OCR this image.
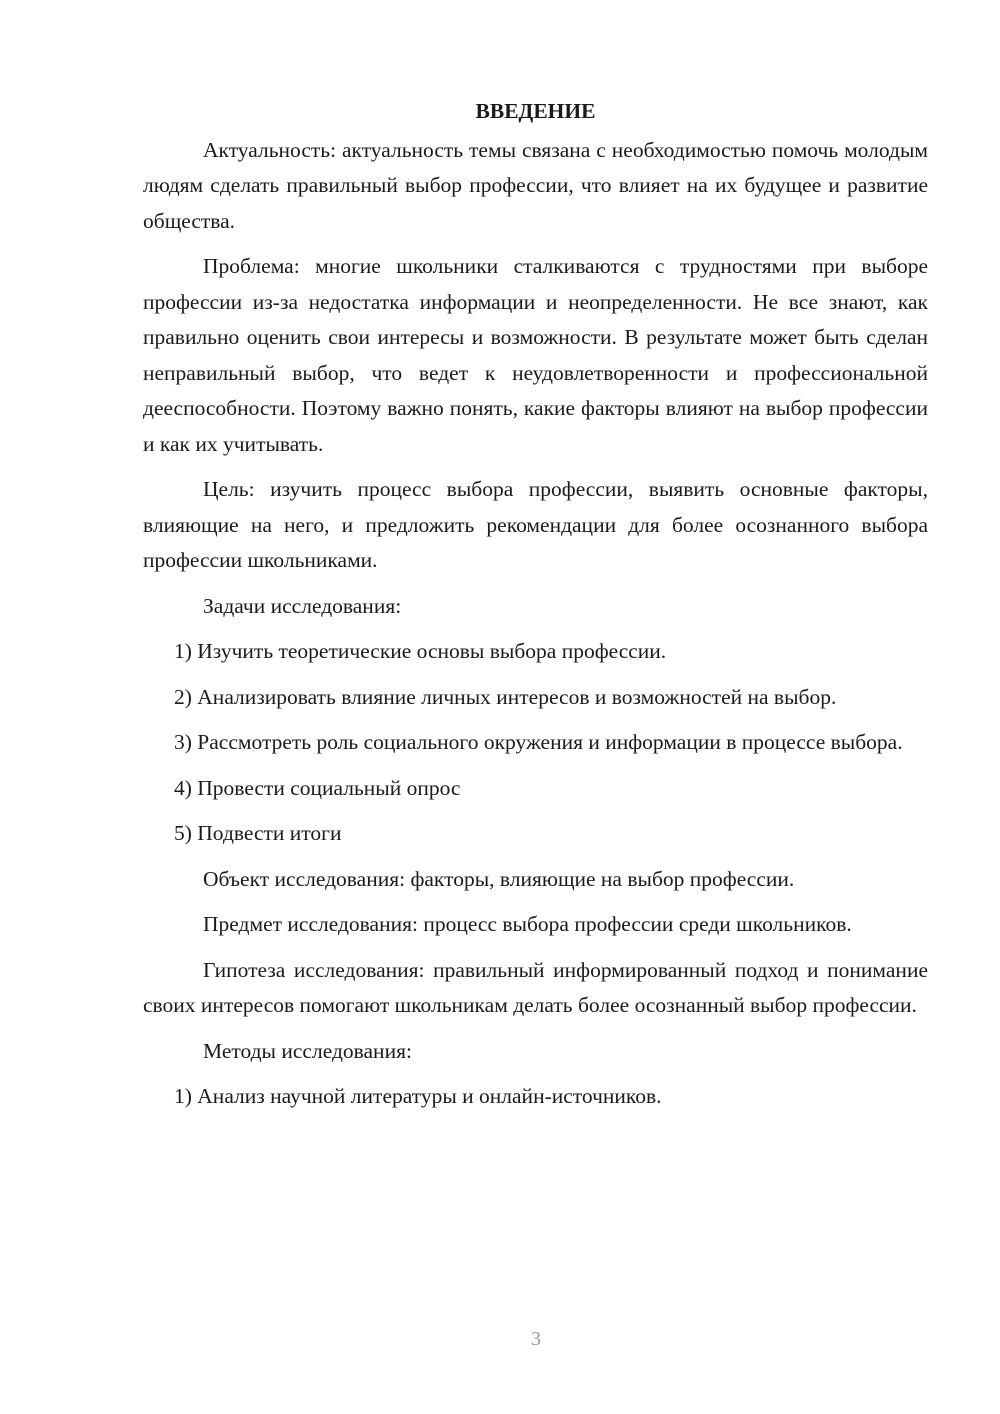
ВВЕДЕНИЕ

Актуальность: актуальность темы связана с необходимостью помочь молодым людям сделать правильный выбор профессии, что влияет на их будущее и развитие общества.

Проблема: многие школьники сталкиваются с трудностями при выборе профессии из-за недостатка информации и неопределенности. Не все знают, как правильно оценить свои интересы и возможности. В результате может быть сделан неправильный выбор, что ведет к неудовлетворенности и профессиональной дееспособности. Поэтому важно понять, какие факторы влияют на выбор профессии и как их учитывать.

Цель: изучить процесс выбора профессии, выявить основные факторы, влияющие на него, и предложить рекомендации для более осознанного выбора профессии школьниками.

Задачи исследования:

1) Изучить теоретические основы выбора профессии.

2) Анализировать влияние личных интересов и возможностей на выбор.

3) Рассмотреть роль социального окружения и информации в процессе выбора.

4) Провести социальный опрос

5) Подвести итоги

Объект исследования: факторы, влияющие на выбор профессии.

Предмет исследования: процесс выбора профессии среди школьников.

Гипотеза исследования: правильный информированный подход и понимание своих интересов помогают школьникам делать более осознанный выбор профессии.

Методы исследования:

1) Анализ научной литературы и онлайн-источников.

3
